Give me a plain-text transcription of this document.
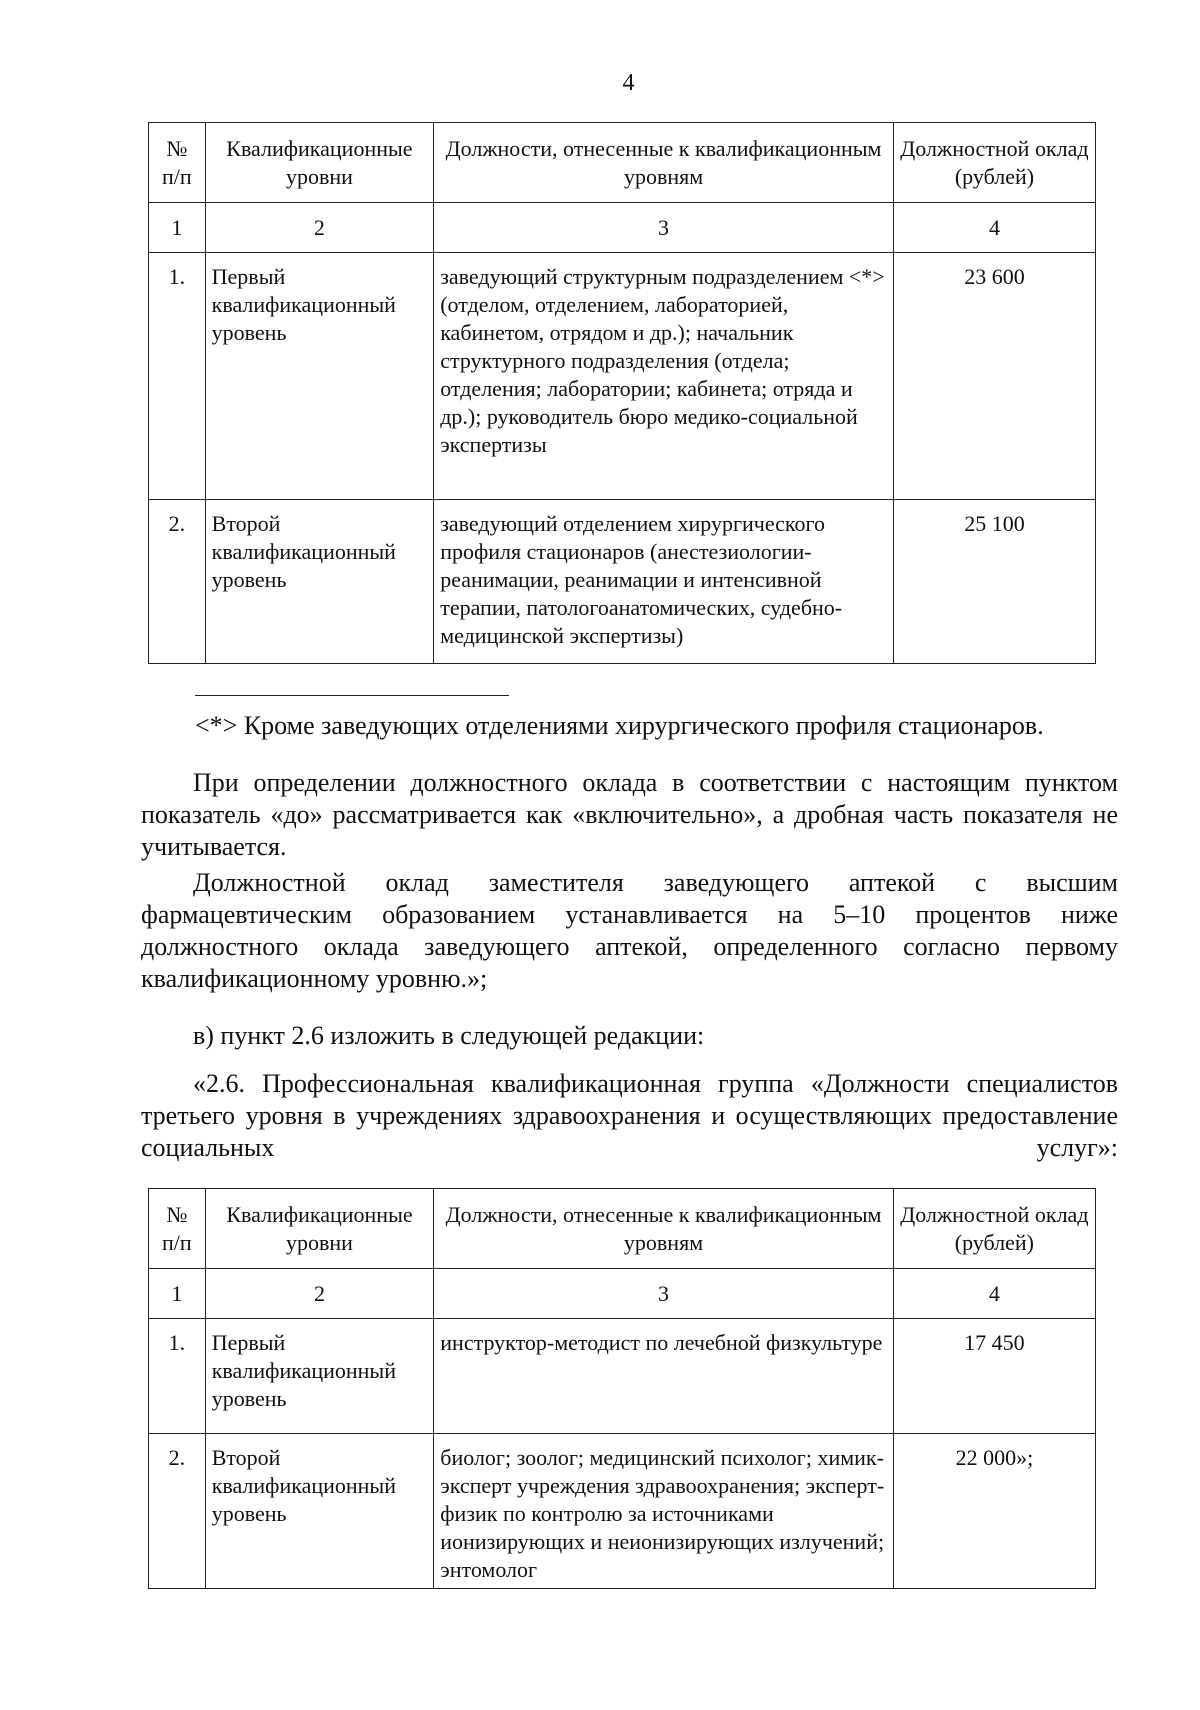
4
№ п/п	Квалификационные уровни	Должности, отнесенные к квалификационным уровням	Должностной оклад (рублей)
1	2	3	4
1.	Первый квалификационный уровень	заведующий структурным подразделением <*> (отделом, отделением, лабораторией, кабинетом, отрядом и др.); начальник структурного подразделения (отдела; отделения; лаборатории; кабинета; отряда и др.); руководитель бюро медико-социальной экспертизы	23 600
2.	Второй квалификационный уровень	заведующий отделением хирургического профиля стационаров (анестезиологии-реанимации, реанимации и интенсивной терапии, патологоанатомических, судебно-медицинской экспертизы)	25 100

<*> Кроме заведующих отделениями хирургического профиля стационаров.

При определении должностного оклада в соответствии с настоящим пунктом показатель «до» рассматривается как «включительно», а дробная часть показателя не учитывается.

Должностной оклад заместителя заведующего аптекой с высшим фармацевтическим образованием устанавливается на 5–10 процентов ниже должностного оклада заведующего аптекой, определенного согласно первому квалификационному уровню.»;

в) пункт 2.6 изложить в следующей редакции:

«2.6. Профессиональная квалификационная группа «Должности специалистов третьего уровня в учреждениях здравоохранения и осуществляющих предоставление социальных услуг»:

№ п/п	Квалификационные уровни	Должности, отнесенные к квалификационным уровням	Должностной оклад (рублей)
1	2	3	4
1.	Первый квалификационный уровень	инструктор-методист по лечебной физкультуре	17 450
2.	Второй квалификационный уровень	биолог; зоолог; медицинский психолог; химик-эксперт учреждения здравоохранения; эксперт-физик по контролю за источниками ионизирующих и неионизирующих излучений; энтомолог	22 000»;
